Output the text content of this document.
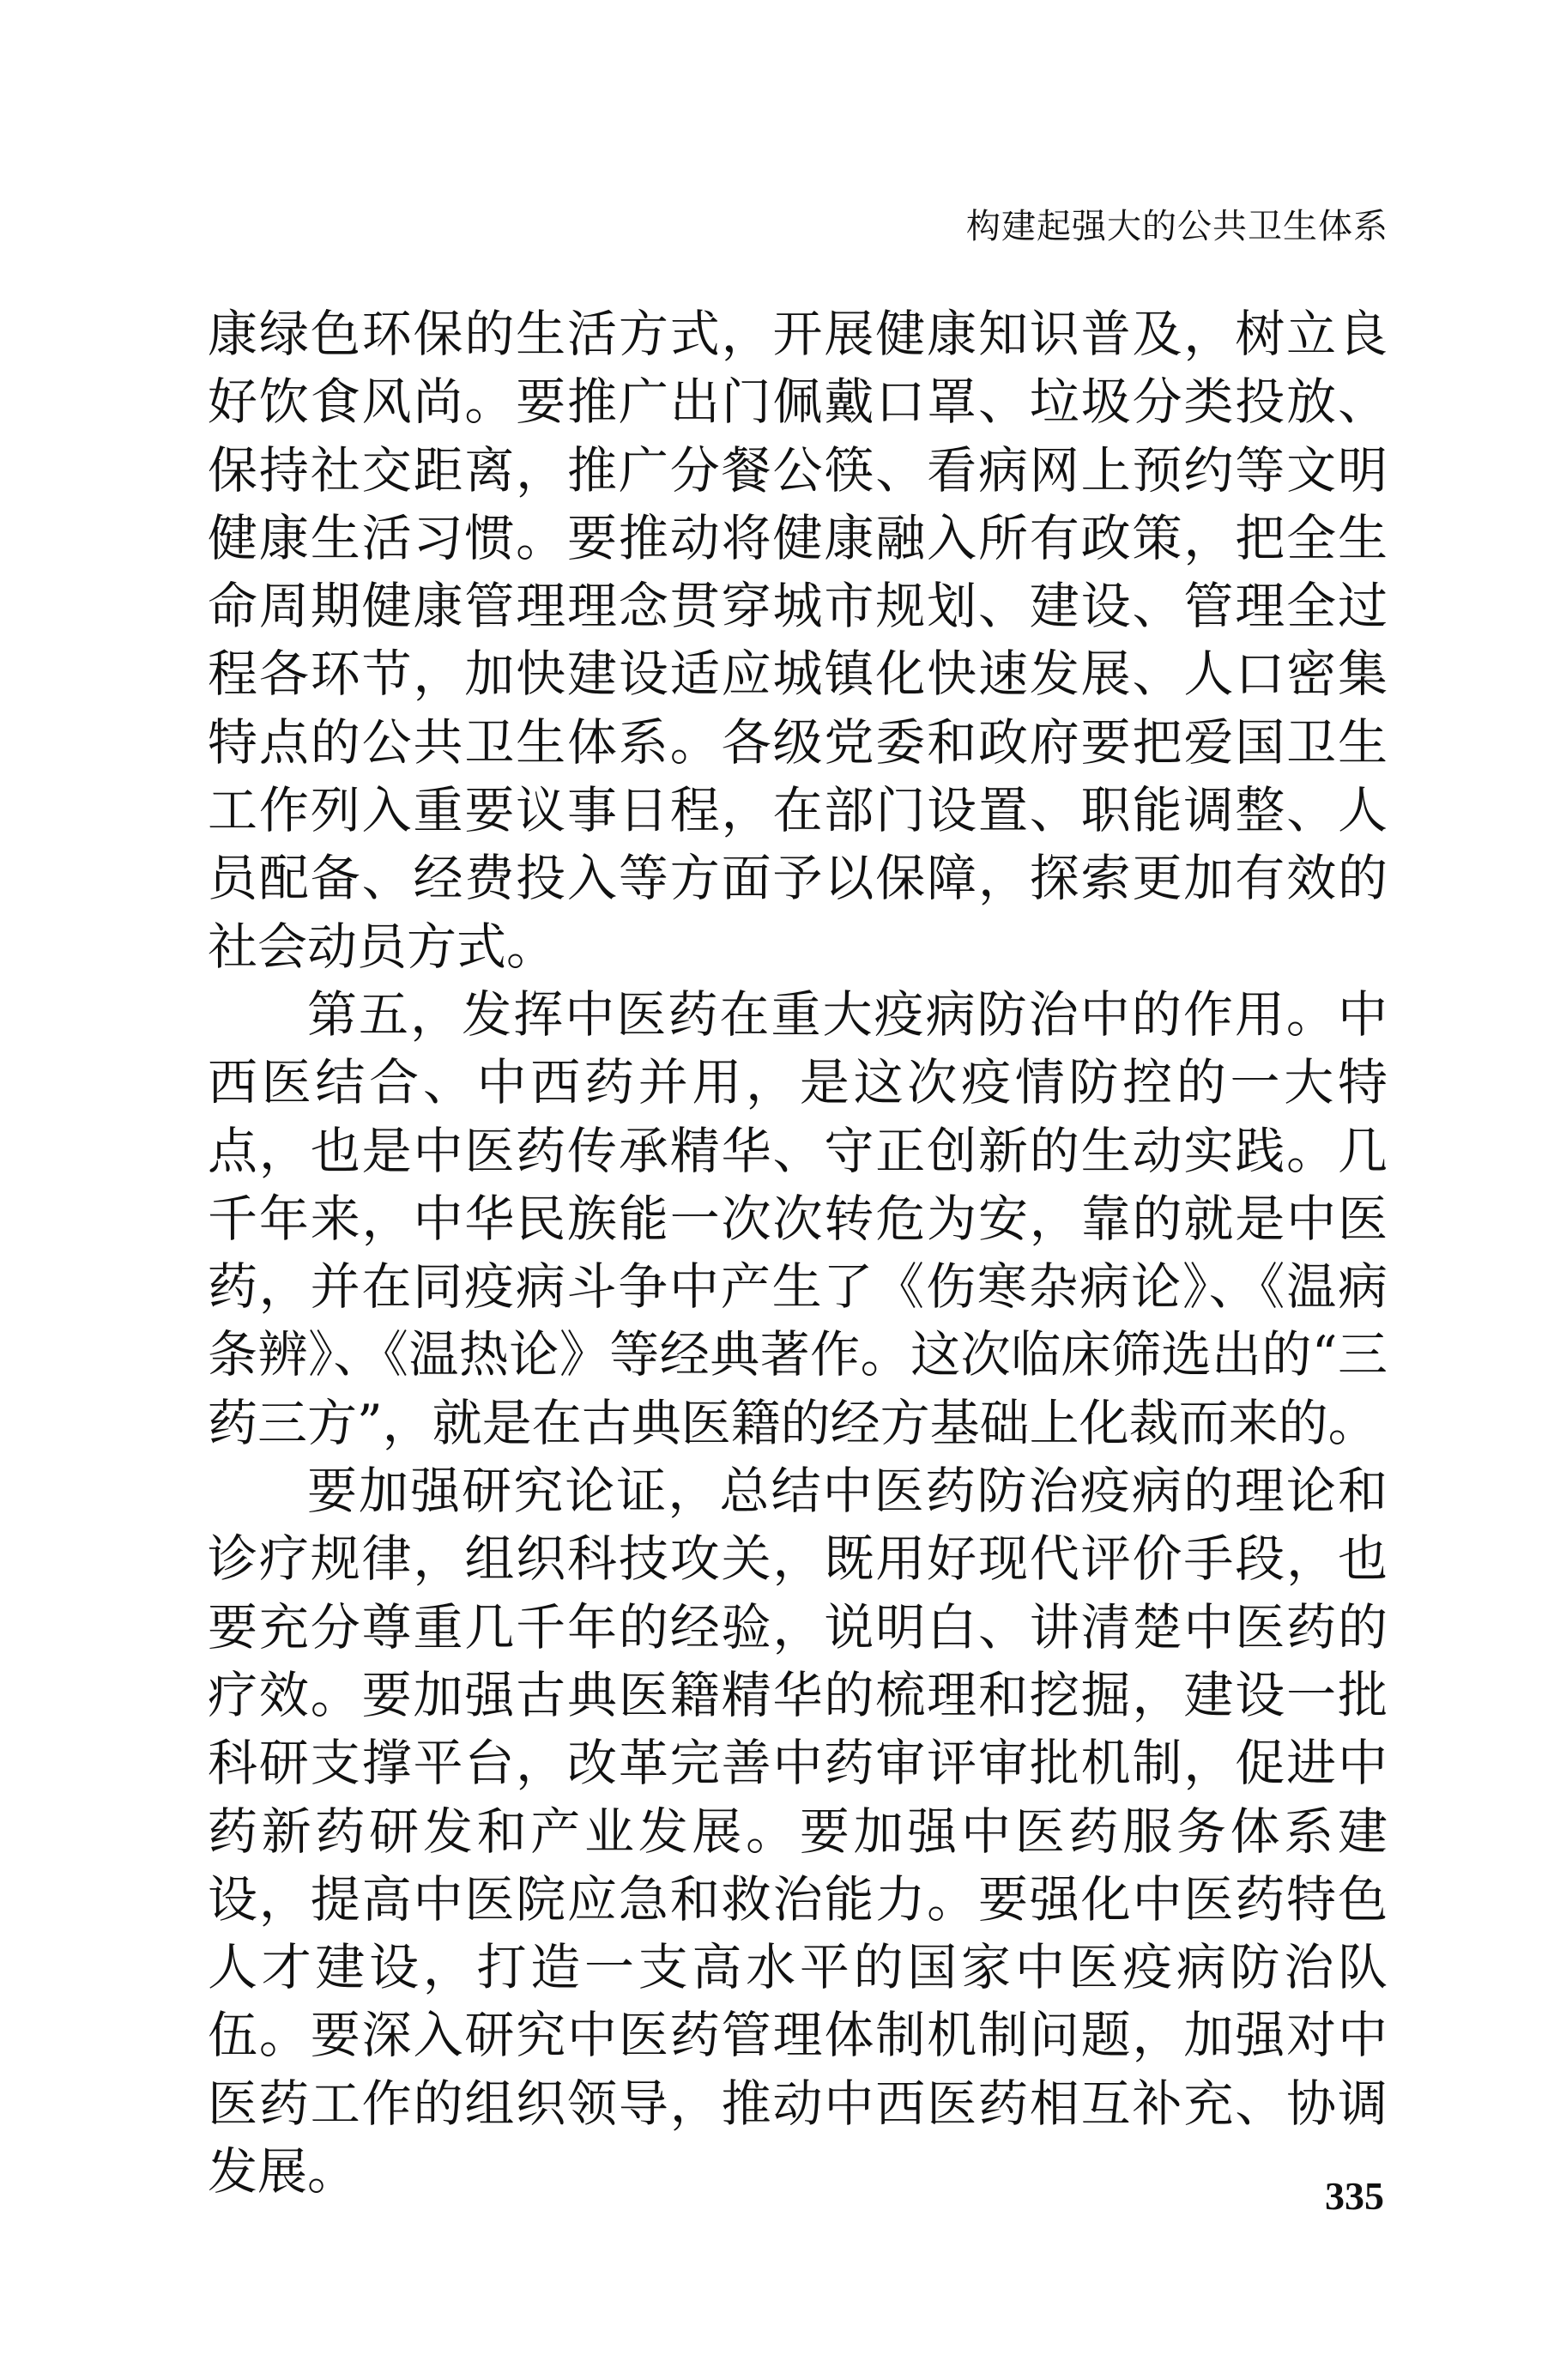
构建起强大的公共卫生体系

康绿色环保的生活方式，开展健康知识普及，树立良好饮食风尚。要推广出门佩戴口罩、垃圾分类投放、保持社交距离，推广分餐公筷、看病网上预约等文明健康生活习惯。要推动将健康融入所有政策，把全生命周期健康管理理念贯穿城市规划、建设、管理全过程各环节，加快建设适应城镇化快速发展、人口密集特点的公共卫生体系。各级党委和政府要把爱国卫生工作列入重要议事日程，在部门设置、职能调整、人员配备、经费投入等方面予以保障，探索更加有效的社会动员方式。

第五，发挥中医药在重大疫病防治中的作用。中西医结合、中西药并用，是这次疫情防控的一大特点，也是中医药传承精华、守正创新的生动实践。几千年来，中华民族能一次次转危为安，靠的就是中医药，并在同疫病斗争中产生了《伤寒杂病论》、《温病条辨》、《温热论》等经典著作。这次临床筛选出的“三药三方”，就是在古典医籍的经方基础上化裁而来的。

要加强研究论证，总结中医药防治疫病的理论和诊疗规律，组织科技攻关，既用好现代评价手段，也要充分尊重几千年的经验，说明白、讲清楚中医药的疗效。要加强古典医籍精华的梳理和挖掘，建设一批科研支撑平台，改革完善中药审评审批机制，促进中药新药研发和产业发展。要加强中医药服务体系建设，提高中医院应急和救治能力。要强化中医药特色人才建设，打造一支高水平的国家中医疫病防治队伍。要深入研究中医药管理体制机制问题，加强对中医药工作的组织领导，推动中西医药相互补充、协调发展。	335
